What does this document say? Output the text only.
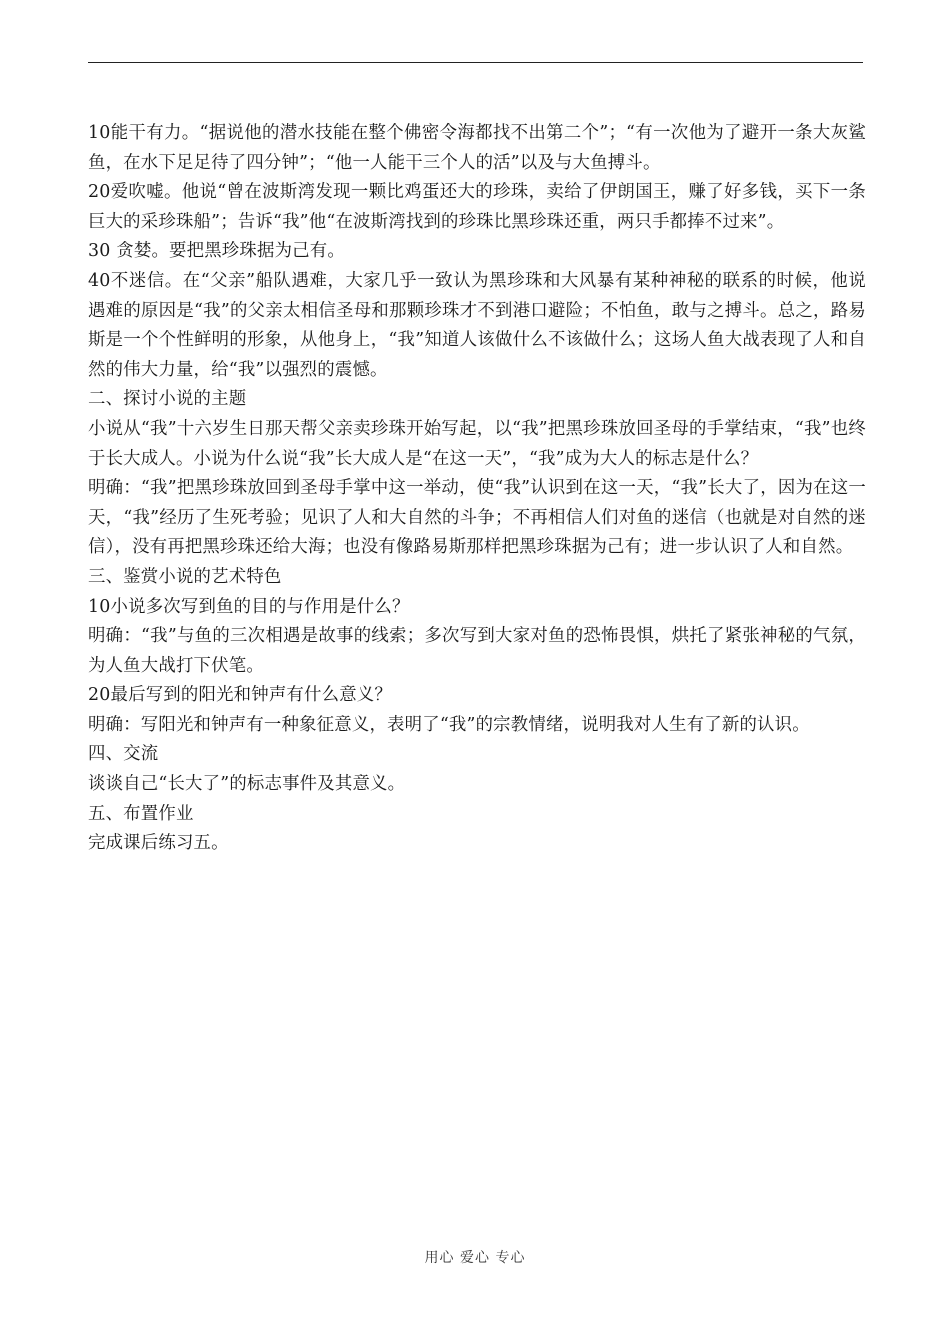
10能干有力。“据说他的潜水技能在整个佛密令海都找不出第二个”；“有一次他为了避开一条大灰鲨鱼，在水下足足待了四分钟”；“他一人能干三个人的活”以及与大鱼搏斗。

20爱吹嘘。他说“曾在波斯湾发现一颗比鸡蛋还大的珍珠，卖给了伊朗国王，赚了好多钱，买下一条巨大的采珍珠船”；告诉“我”他“在波斯湾找到的珍珠比黑珍珠还重，两只手都捧不过来”。

30 贪婪。要把黑珍珠据为己有。

40不迷信。在“父亲”船队遇难，大家几乎一致认为黑珍珠和大风暴有某种神秘的联系的时候，他说遇难的原因是“我”的父亲太相信圣母和那颗珍珠才不到港口避险；不怕鱼，敢与之搏斗。总之，路易斯是一个个性鲜明的形象，从他身上，“我”知道人该做什么不该做什么；这场人鱼大战表现了人和自然的伟大力量，给“我”以强烈的震憾。

二、探讨小说的主题

小说从“我”十六岁生日那天帮父亲卖珍珠开始写起，以“我”把黑珍珠放回圣母的手掌结束，“我”也终于长大成人。小说为什么说“我”长大成人是“在这一天”，“我”成为大人的标志是什么？

明确：“我”把黑珍珠放回到圣母手掌中这一举动，使“我”认识到在这一天，“我”长大了，因为在这一天，“我”经历了生死考验；见识了人和大自然的斗争；不再相信人们对鱼的迷信（也就是对自然的迷信），没有再把黑珍珠还给大海；也没有像路易斯那样把黑珍珠据为己有；进一步认识了人和自然。

三、鉴赏小说的艺术特色

10小说多次写到鱼的目的与作用是什么？

明确：“我”与鱼的三次相遇是故事的线索；多次写到大家对鱼的恐怖畏惧，烘托了紧张神秘的气氛，为人鱼大战打下伏笔。

20最后写到的阳光和钟声有什么意义？

明确：写阳光和钟声有一种象征意义，表明了“我”的宗教情绪，说明我对人生有了新的认识。

四、交流

谈谈自己“长大了”的标志事件及其意义。

五、布置作业

完成课后练习五。

用心 爱心 专心
